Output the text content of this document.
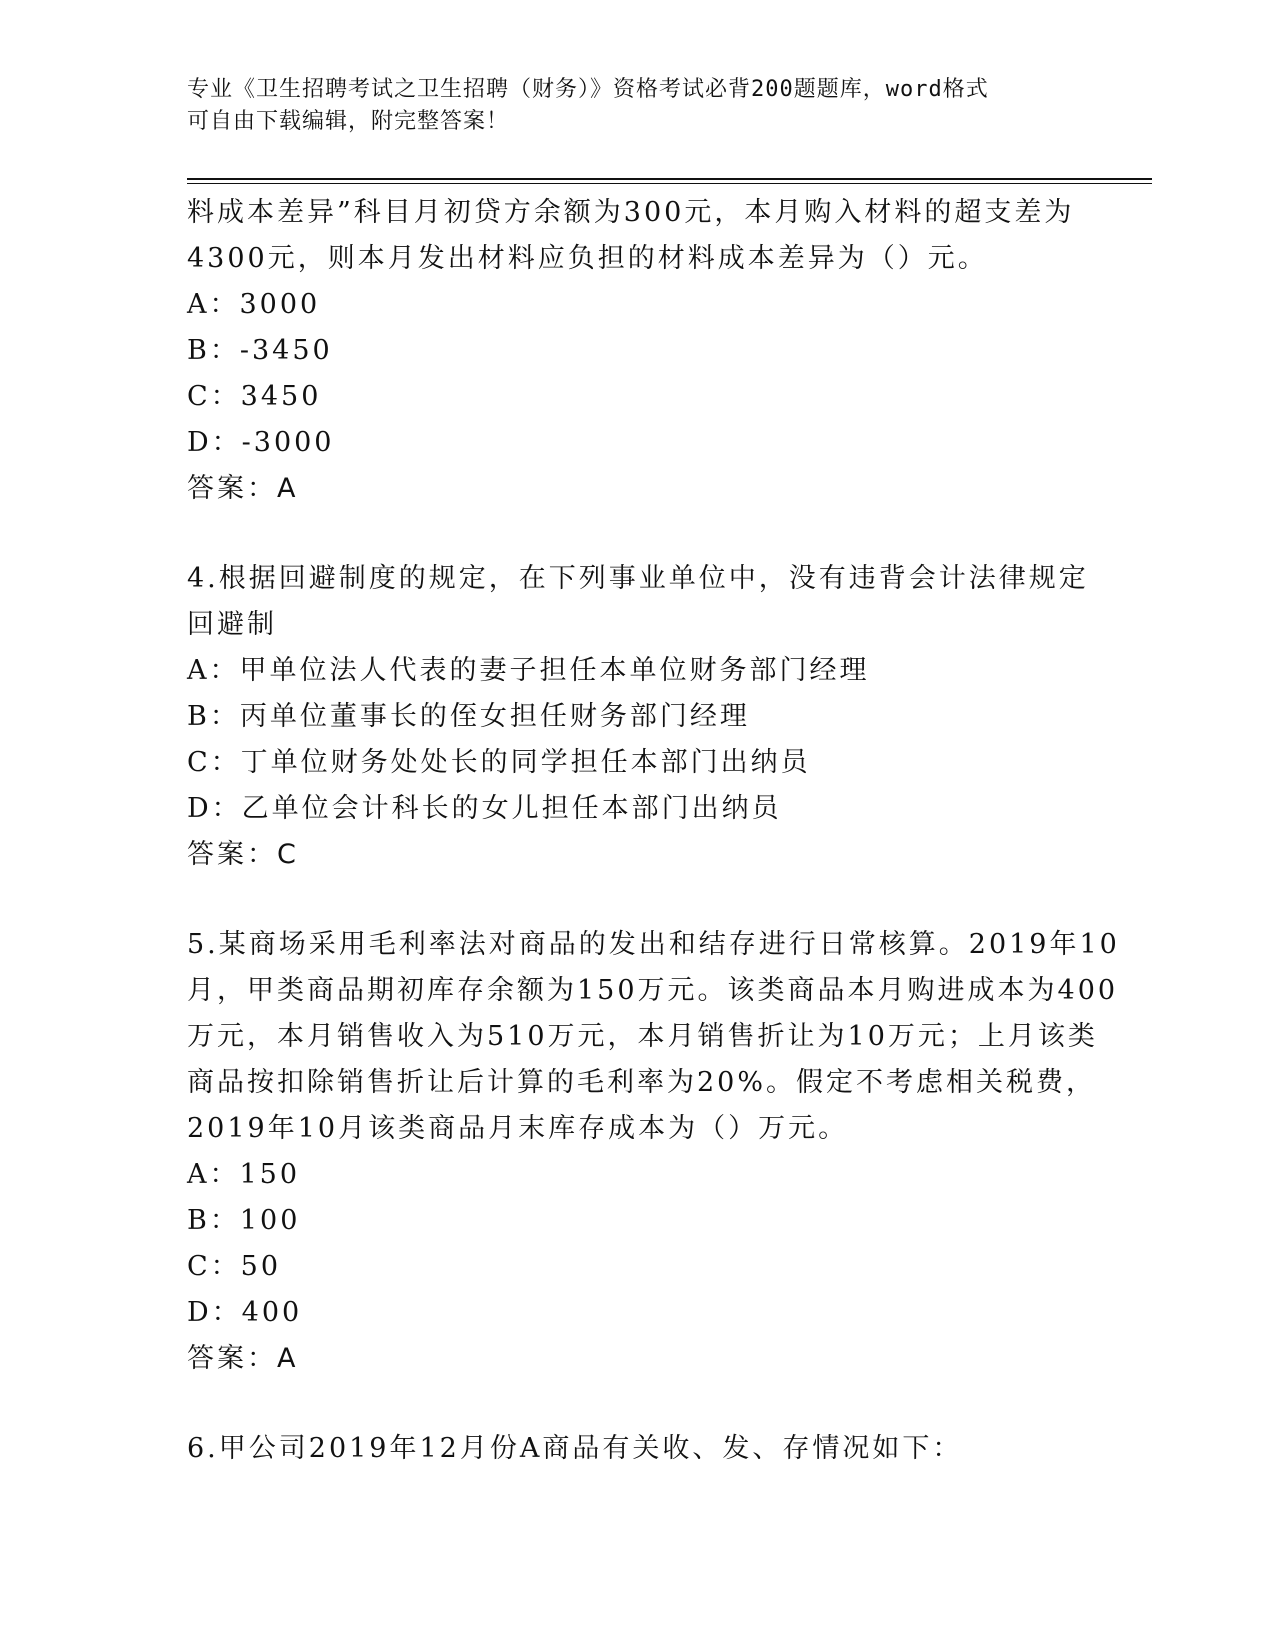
专业《卫生招聘考试之卫生招聘（财务）》资格考试必背200题题库，word格式
可自由下载编辑，附完整答案！
料成本差异”科目月初贷方余额为300元，本月购入材料的超支差为
4300元，则本月发出材料应负担的材料成本差异为（）元。
A：3000
B：-3450
C：3450
D：-3000
答案：A
4.根据回避制度的规定，在下列事业单位中，没有违背会计法律规定
回避制
A：甲单位法人代表的妻子担任本单位财务部门经理
B：丙单位董事长的侄女担任财务部门经理
C：丁单位财务处处长的同学担任本部门出纳员
D：乙单位会计科长的女儿担任本部门出纳员
答案：C
5.某商场采用毛利率法对商品的发出和结存进行日常核算。2019年10
月，甲类商品期初库存余额为150万元。该类商品本月购进成本为400
万元，本月销售收入为510万元，本月销售折让为10万元；上月该类
商品按扣除销售折让后计算的毛利率为20%。假定不考虑相关税费，
2019年10月该类商品月末库存成本为（）万元。
A：150
B：100
C：50
D：400
答案：A
6.甲公司2019年12月份A商品有关收、发、存情况如下：
